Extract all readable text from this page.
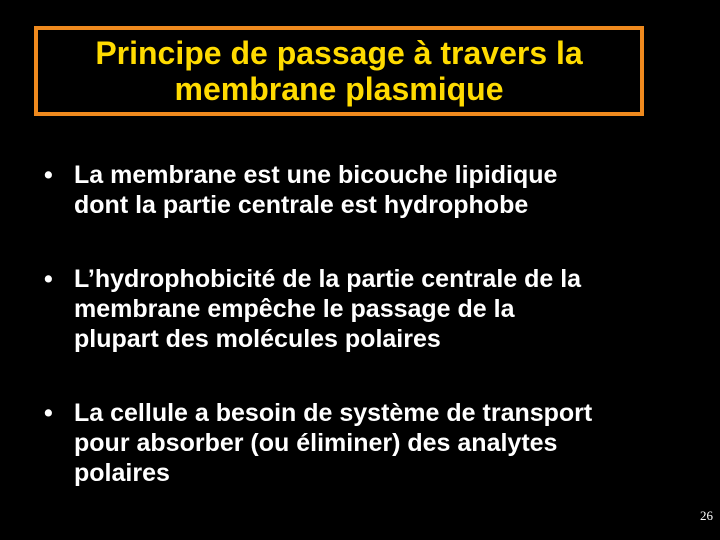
Principe de passage à travers la
membrane plasmique
• La membrane est une bicouche lipidique
dont la partie centrale est hydrophobe
• L’hydrophobicité de la partie centrale de la
membrane empêche le passage de la
plupart des molécules polaires
• La cellule a besoin de système de transport
pour absorber (ou éliminer) des analytes
polaires
26
